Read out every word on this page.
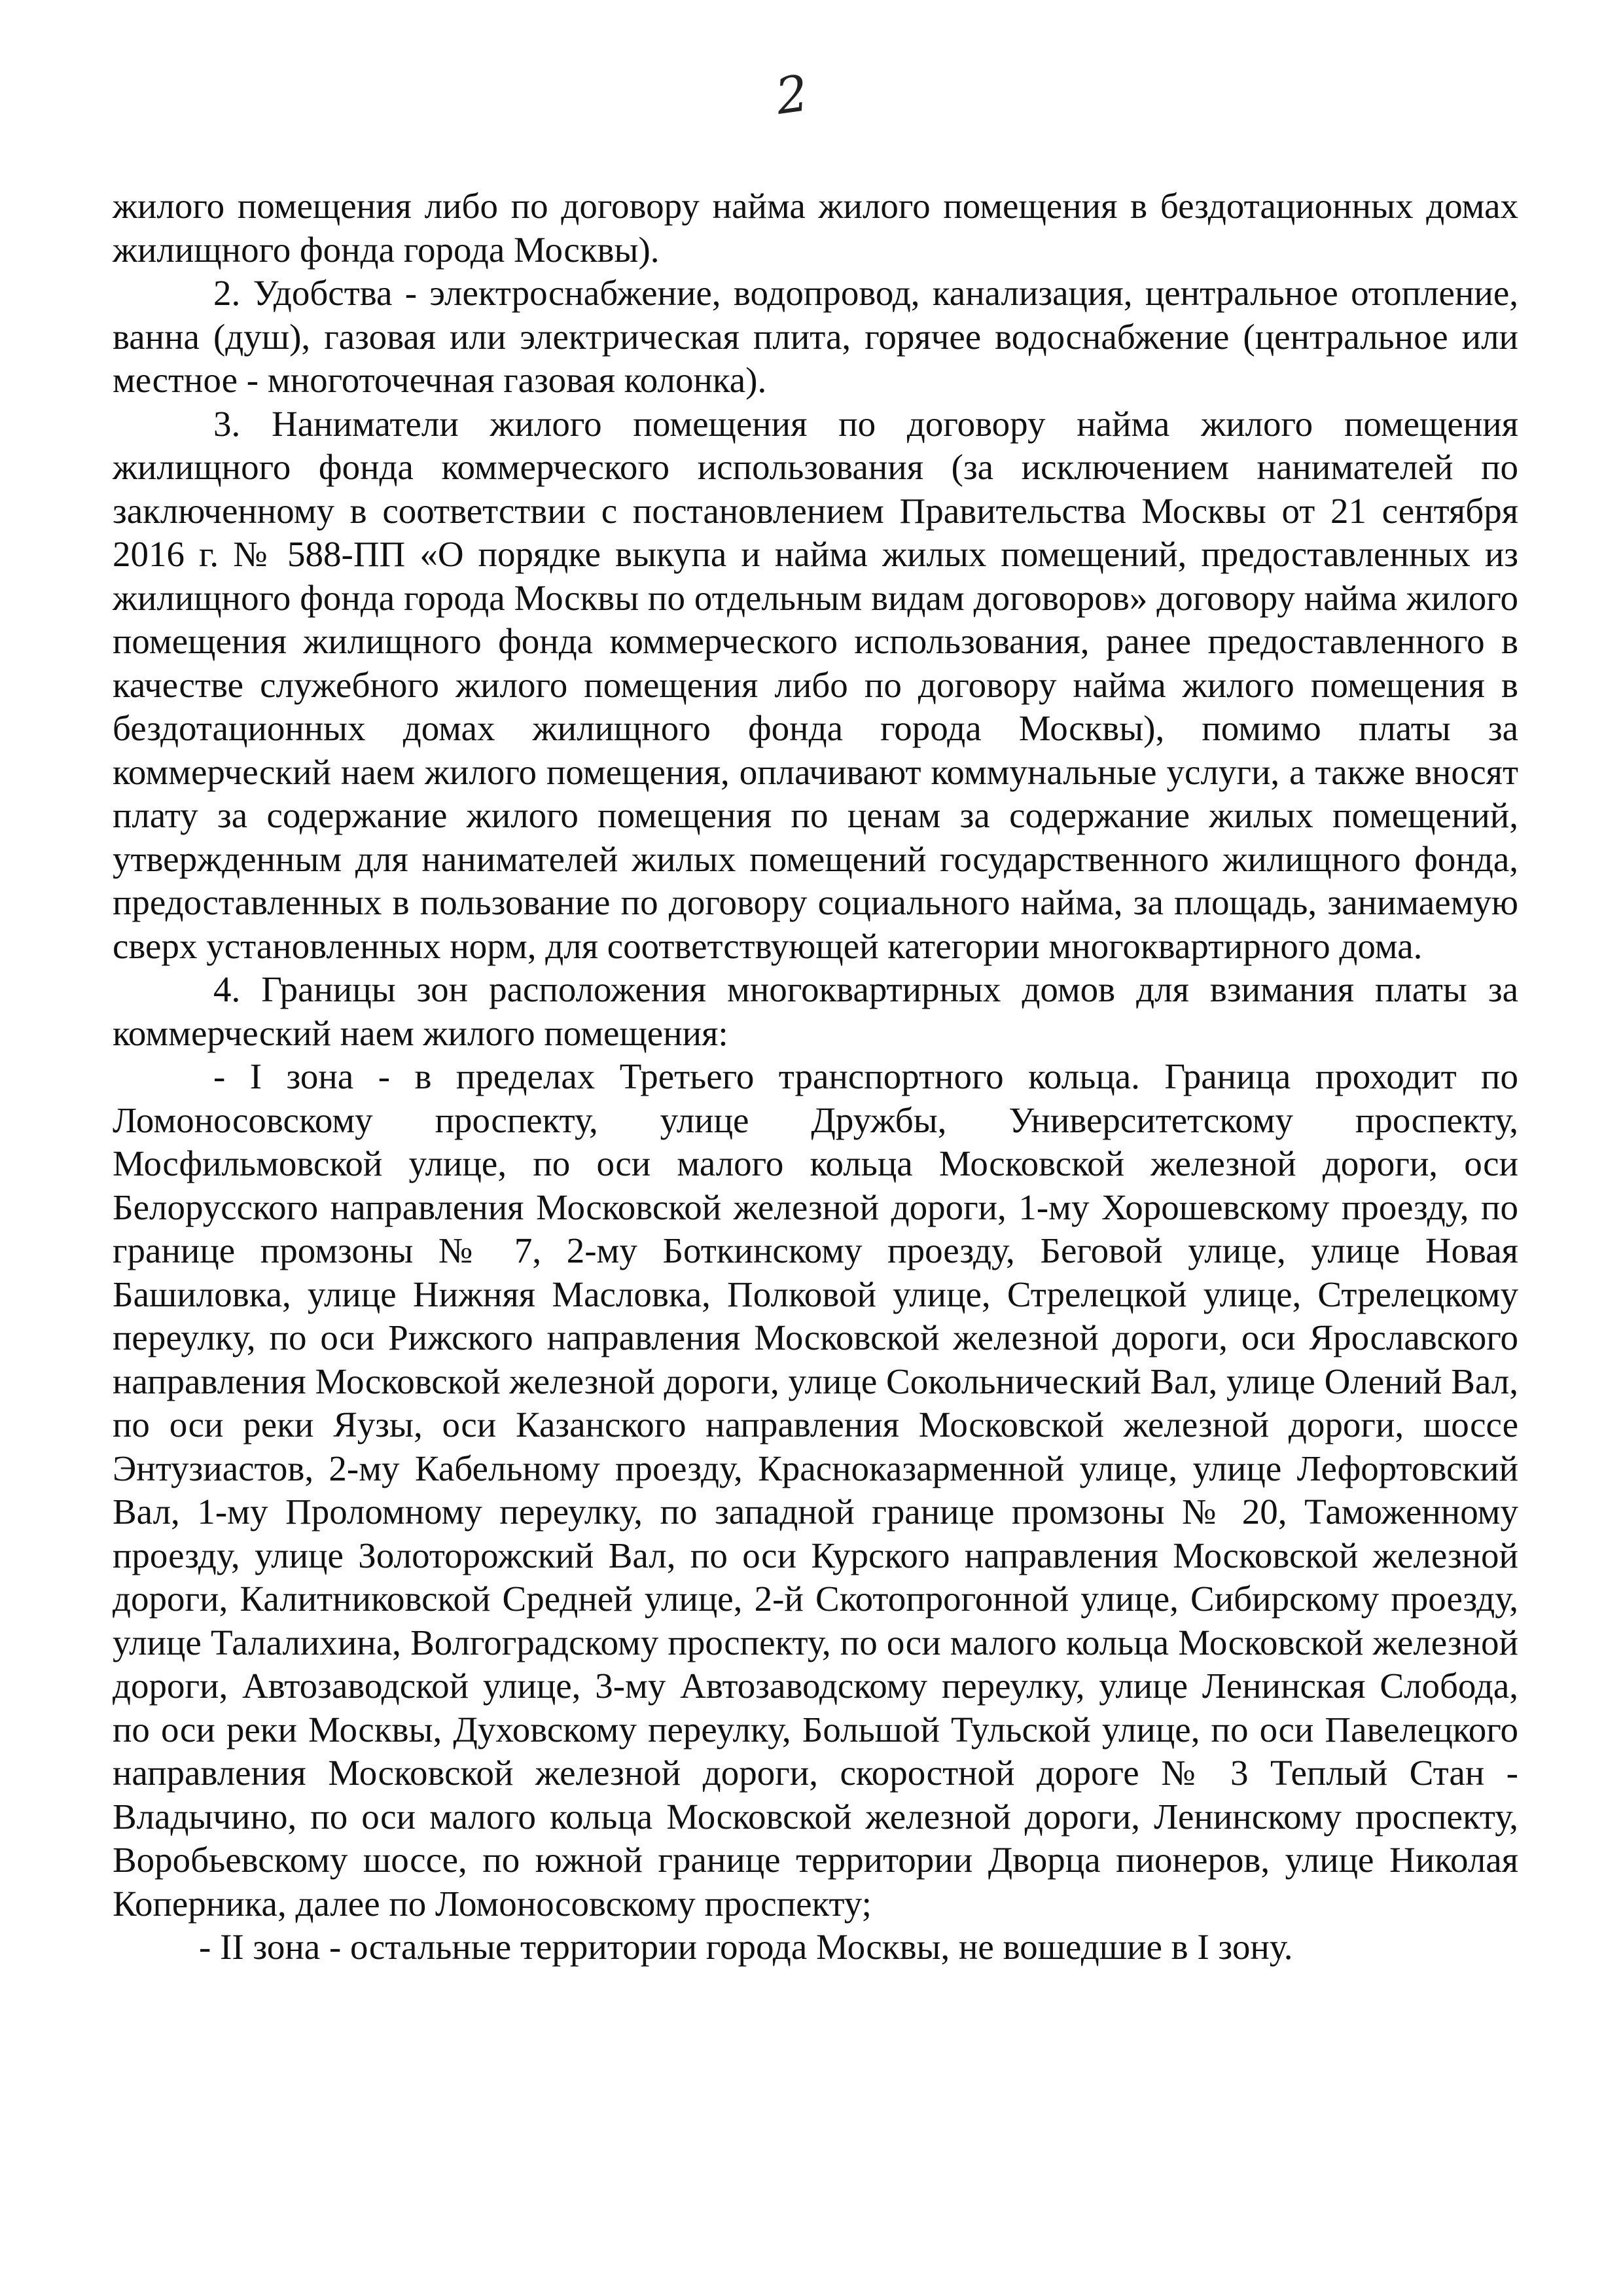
2

жилого помещения либо по договору найма жилого помещения в бездотационных домах жилищного фонда города Москвы).

2. Удобства - электроснабжение, водопровод, канализация, центральное отопление, ванна (душ), газовая или электрическая плита, горячее водоснабжение (центральное или местное - многоточечная газовая колонка).

3. Наниматели жилого помещения по договору найма жилого помещения жилищного фонда коммерческого использования (за исключением нанимателей по заключенному в соответствии с постановлением Правительства Москвы от 21 сентября 2016 г. № 588-ПП «О порядке выкупа и найма жилых помещений, предоставленных из жилищного фонда города Москвы по отдельным видам договоров» договору найма жилого помещения жилищного фонда коммерческого использования, ранее предоставленного в качестве служебного жилого помещения либо по договору найма жилого помещения в бездотационных домах жилищного фонда города Москвы), помимо платы за коммерческий наем жилого помещения, оплачивают коммунальные услуги, а также вносят плату за содержание жилого помещения по ценам за содержание жилых помещений, утвержденным для нанимателей жилых помещений государственного жилищного фонда, предоставленных в пользование по договору социального найма, за площадь, занимаемую сверх установленных норм, для соответствующей категории многоквартирного дома.

4. Границы зон расположения многоквартирных домов для взимания платы за коммерческий наем жилого помещения:

- I зона - в пределах Третьего транспортного кольца. Граница проходит по Ломоносовскому проспекту, улице Дружбы, Университетскому проспекту, Мосфильмовской улице, по оси малого кольца Московской железной дороги, оси Белорусского направления Московской железной дороги, 1-му Хорошевскому проезду, по границе промзоны № 7, 2-му Боткинскому проезду, Беговой улице, улице Новая Башиловка, улице Нижняя Масловка, Полковой улице, Стрелецкой улице, Стрелецкому переулку, по оси Рижского направления Московской железной дороги, оси Ярославского направления Московской железной дороги, улице Сокольнический Вал, улице Олений Вал, по оси реки Яузы, оси Казанского направления Московской железной дороги, шоссе Энтузиастов, 2-му Кабельному проезду, Красноказарменной улице, улице Лефортовский Вал, 1-му Проломному переулку, по западной границе промзоны № 20, Таможенному проезду, улице Золоторожский Вал, по оси Курского направления Московской железной дороги, Калитниковской Средней улице, 2-й Скотопрогонной улице, Сибирскому проезду, улице Талалихина, Волгоградскому проспекту, по оси малого кольца Московской железной дороги, Автозаводской улице, 3-му Автозаводскому переулку, улице Ленинская Слобода, по оси реки Москвы, Духовскому переулку, Большой Тульской улице, по оси Павелецкого направления Московской железной дороги, скоростной дороге № 3 Теплый Стан - Владычино, по оси малого кольца Московской железной дороги, Ленинскому проспекту, Воробьевскому шоссе, по южной границе территории Дворца пионеров, улице Николая Коперника, далее по Ломоносовскому проспекту;

- II зона - остальные территории города Москвы, не вошедшие в I зону.
